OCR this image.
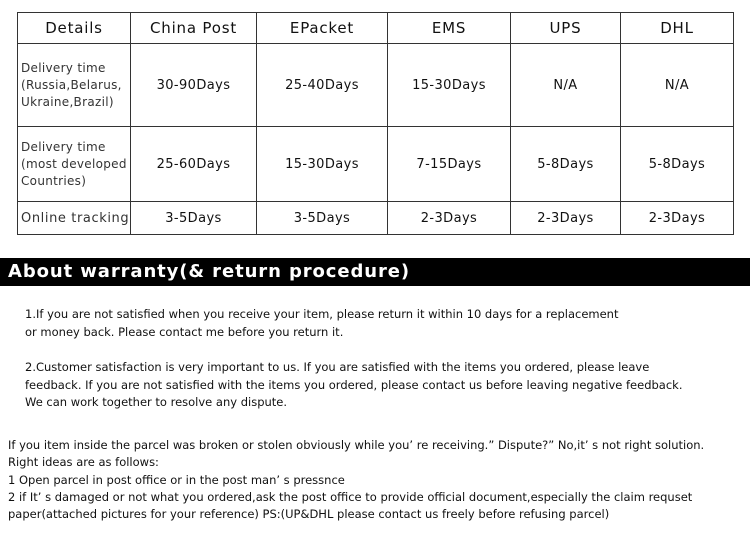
Details	China Post	EPacket	EMS	UPS	DHL

Delivery time
(Russia,Belarus,
Ukraine,Brazil)	30-90Days	25-40Days	15-30Days	N/A	N/A

Delivery time
(most developed
Countries)	25-60Days	15-30Days	7-15Days	5-8Days	5-8Days

Online tracking	3-5Days	3-5Days	2-3Days	2-3Days	2-3Days
About warranty(& return procedure)
1.If you are not satisfied when you receive your item, please return it within 10 days for a replacement
or money back. Please contact me before you return it.
2.Customer satisfaction is very important to us. If you are satisfied with the items you ordered, please leave
feedback. If you are not satisfied with the items you ordered, please contact us before leaving negative feedback.
We can work together to resolve any dispute.
If you item inside the parcel was broken or stolen obviously while you’ re receiving.” Dispute?” No,it’ s not right solution.
Right ideas are as follows:
1 Open parcel in post office or in the post man’ s pressnce
2 if It’ s damaged or not what you ordered,ask the post office to provide official document,especially the claim requset
paper(attached pictures for your reference) PS:(UP&DHL please contact us freely before refusing parcel)
